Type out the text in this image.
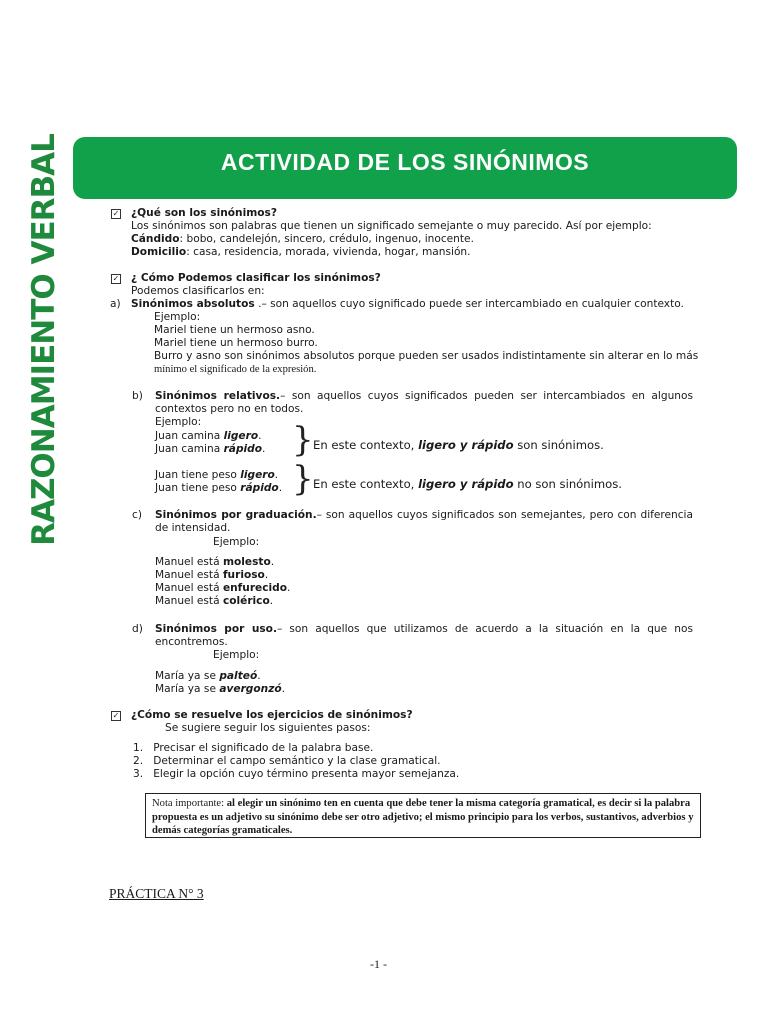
RAZONAMIENTO VERBAL	ACTIVIDAD DE LOS SINÓNIMOS
✓ ¿Qué son los sinónimos?
Los sinónimos son palabras que tienen un significado semejante o muy parecido. Así por ejemplo:
Cándido: bobo, candelejón, sincero, crédulo, ingenuo, inocente.
Domicilio: casa, residencia, morada, vivienda, hogar, mansión.
✓ ¿ Cómo Podemos clasificar los sinónimos?
Podemos clasificarlos en:
a) Sinónimos absolutos .– son aquellos cuyo significado puede ser intercambiado en cualquier contexto.
Ejemplo:
Mariel tiene un hermoso asno.
Mariel tiene un hermoso burro.
Burro y asno son sinónimos absolutos porque pueden ser usados indistintamente sin alterar en lo más
mínimo el significado de la expresión.
b) Sinónimos relativos.– son aquellos cuyos significados pueden ser intercambiados en algunos contextos pero no en todos.
Ejemplo:
Juan camina ligero.
Juan camina rápido. } En este contexto, ligero y rápido son sinónimos.
Juan tiene peso ligero.
Juan tiene peso rápido. } En este contexto, ligero y rápido no son sinónimos.
c) Sinónimos por graduación.– son aquellos cuyos significados son semejantes, pero con diferencia de intensidad.
Ejemplo:
Manuel está molesto.
Manuel está furioso.
Manuel está enfurecido.
Manuel está colérico.
d) Sinónimos por uso.– son aquellos que utilizamos de acuerdo a la situación en la que nos encontremos.
Ejemplo:
María ya se palteó.
María ya se avergonzó.
✓ ¿Cómo se resuelve los ejercicios de sinónimos?
Se sugiere seguir los siguientes pasos:
1.   Precisar el significado de la palabra base.
2.   Determinar el campo semántico y la clase gramatical.
3.   Elegir la opción cuyo término presenta mayor semejanza.
Nota importante: al elegir un sinónimo ten en cuenta que debe tener la misma categoría gramatical, es decir si la palabra propuesta es un adjetivo su sinónimo debe ser otro adjetivo; el mismo principio para los verbos, sustantivos, adverbios y demás categorías gramaticales.
PRÁCTICA N° 3
-1 -
